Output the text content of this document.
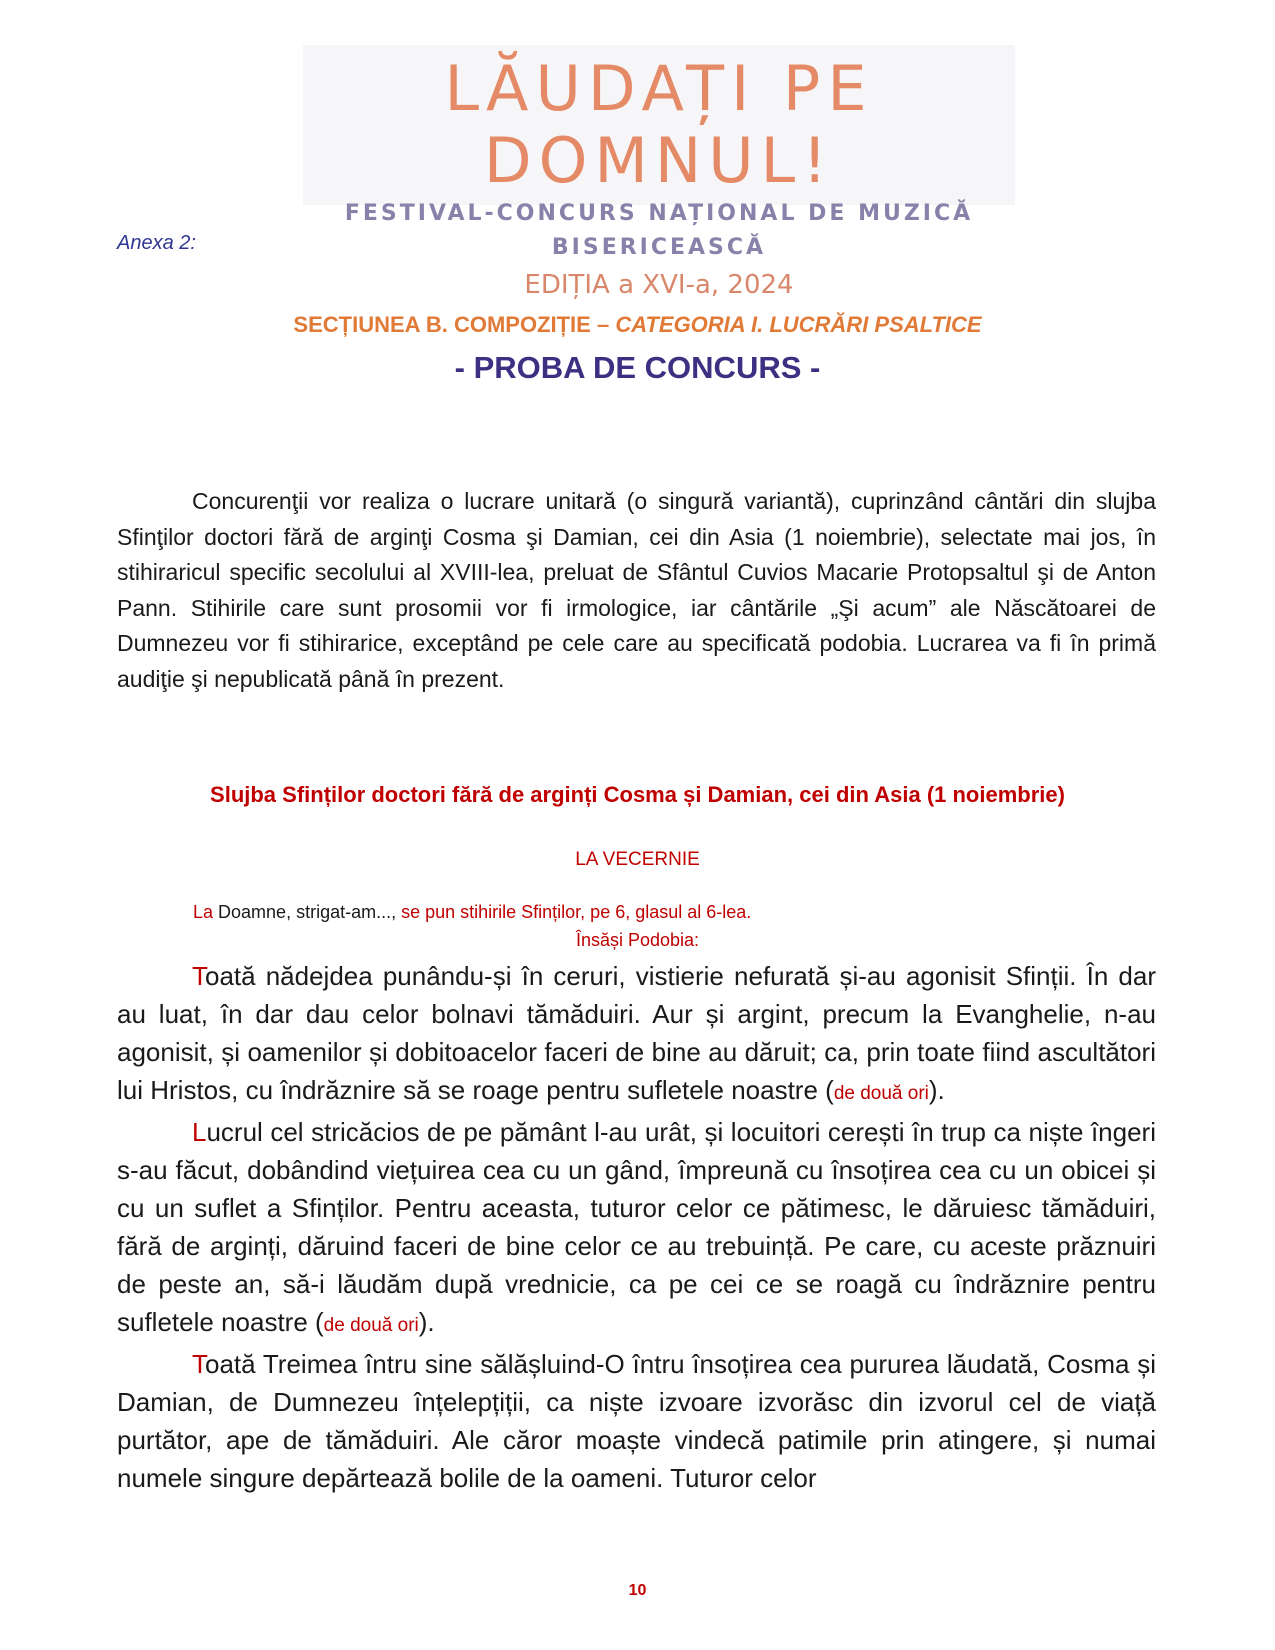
LĂUDAȚI PE DOMNUL!
FESTIVAL-CONCURS NAȚIONAL DE MUZICĂ BISERICEASCĂ
EDIȚIA a XVI-a, 2024
Anexa 2:
SECȚIUNEA B. COMPOZIȚIE – CATEGORIA I. LUCRĂRI PSALTICE
- PROBA DE CONCURS -

Concurenţii vor realiza o lucrare unitară (o singură variantă), cuprinzând cântări din slujba Sfinţilor doctori fără de arginţi Cosma şi Damian, cei din Asia (1 noiembrie), selectate mai jos, în stihiraricul specific secolului al XVIII-lea, preluat de Sfântul Cuvios Macarie Protopsaltul şi de Anton Pann. Stihirile care sunt prosomii vor fi irmologice, iar cântările „Şi acum” ale Născătoarei de Dumnezeu vor fi stihirarice, exceptând pe cele care au specificată podobia. Lucrarea va fi în primă audiţie şi nepublicată până în prezent.

Slujba Sfinților doctori fără de arginți Cosma și Damian, cei din Asia (1 noiembrie)
LA VECERNIE
La Doamne, strigat-am..., se pun stihirile Sfinților, pe 6, glasul al 6-lea.
Însăși Podobia:

Toată nădejdea punându-și în ceruri, vistierie nefurată și-au agonisit Sfinții. În dar au luat, în dar dau celor bolnavi tămăduiri. Aur și argint, precum la Evanghelie, n-au agonisit, și oamenilor și dobitoacelor faceri de bine au dăruit; ca, prin toate fiind ascultători lui Hristos, cu îndrăznire să se roage pentru sufletele noastre (de două ori).

Lucrul cel stricăcios de pe pământ l-au urât, și locuitori cerești în trup ca niște îngeri s-au făcut, dobândind viețuirea cea cu un gând, împreună cu însoțirea cea cu un obicei și cu un suflet a Sfinților. Pentru aceasta, tuturor celor ce pătimesc, le dăruiesc tămăduiri, fără de arginți, dăruind faceri de bine celor ce au trebuință. Pe care, cu aceste prăznuiri de peste an, să-i lăudăm după vrednicie, ca pe cei ce se roagă cu îndrăznire pentru sufletele noastre (de două ori).

Toată Treimea întru sine sălășluind-O întru însoțirea cea pururea lăudată, Cosma și Damian, de Dumnezeu înțelepțiții, ca niște izvoare izvorăsc din izvorul cel de viață purtător, ape de tămăduiri. Ale căror moaște vindecă patimile prin atingere, și numai numele singure depărtează bolile de la oameni. Tuturor celor

10
